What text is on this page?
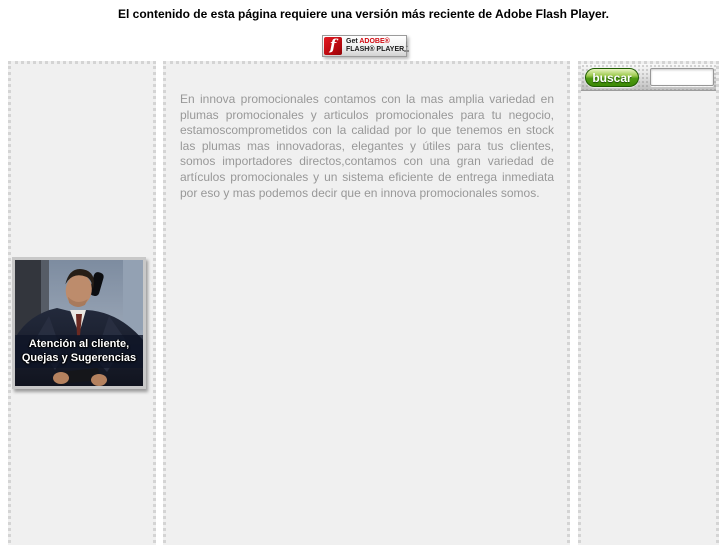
El contenido de esta página requiere una versión más reciente de Adobe Flash Player.
f	Get ADOBE®
FLASH® PLAYER ↓
Atención al cliente,
Quejas y Sugerencias

En innova promocionales contamos con la mas amplia variedad en plumas promocionales y articulos promocionales para tu negocio, estamoscomprometidos con la calidad por lo que tenemos en stock las plumas mas innovadoras, elegantes y útiles para tus clientes, somos importadores directos,contamos con una gran variedad de artículos promocionales y un sistema eficiente de entrega inmediata por eso y mas podemos decir que en innova promocionales somos.

buscar
